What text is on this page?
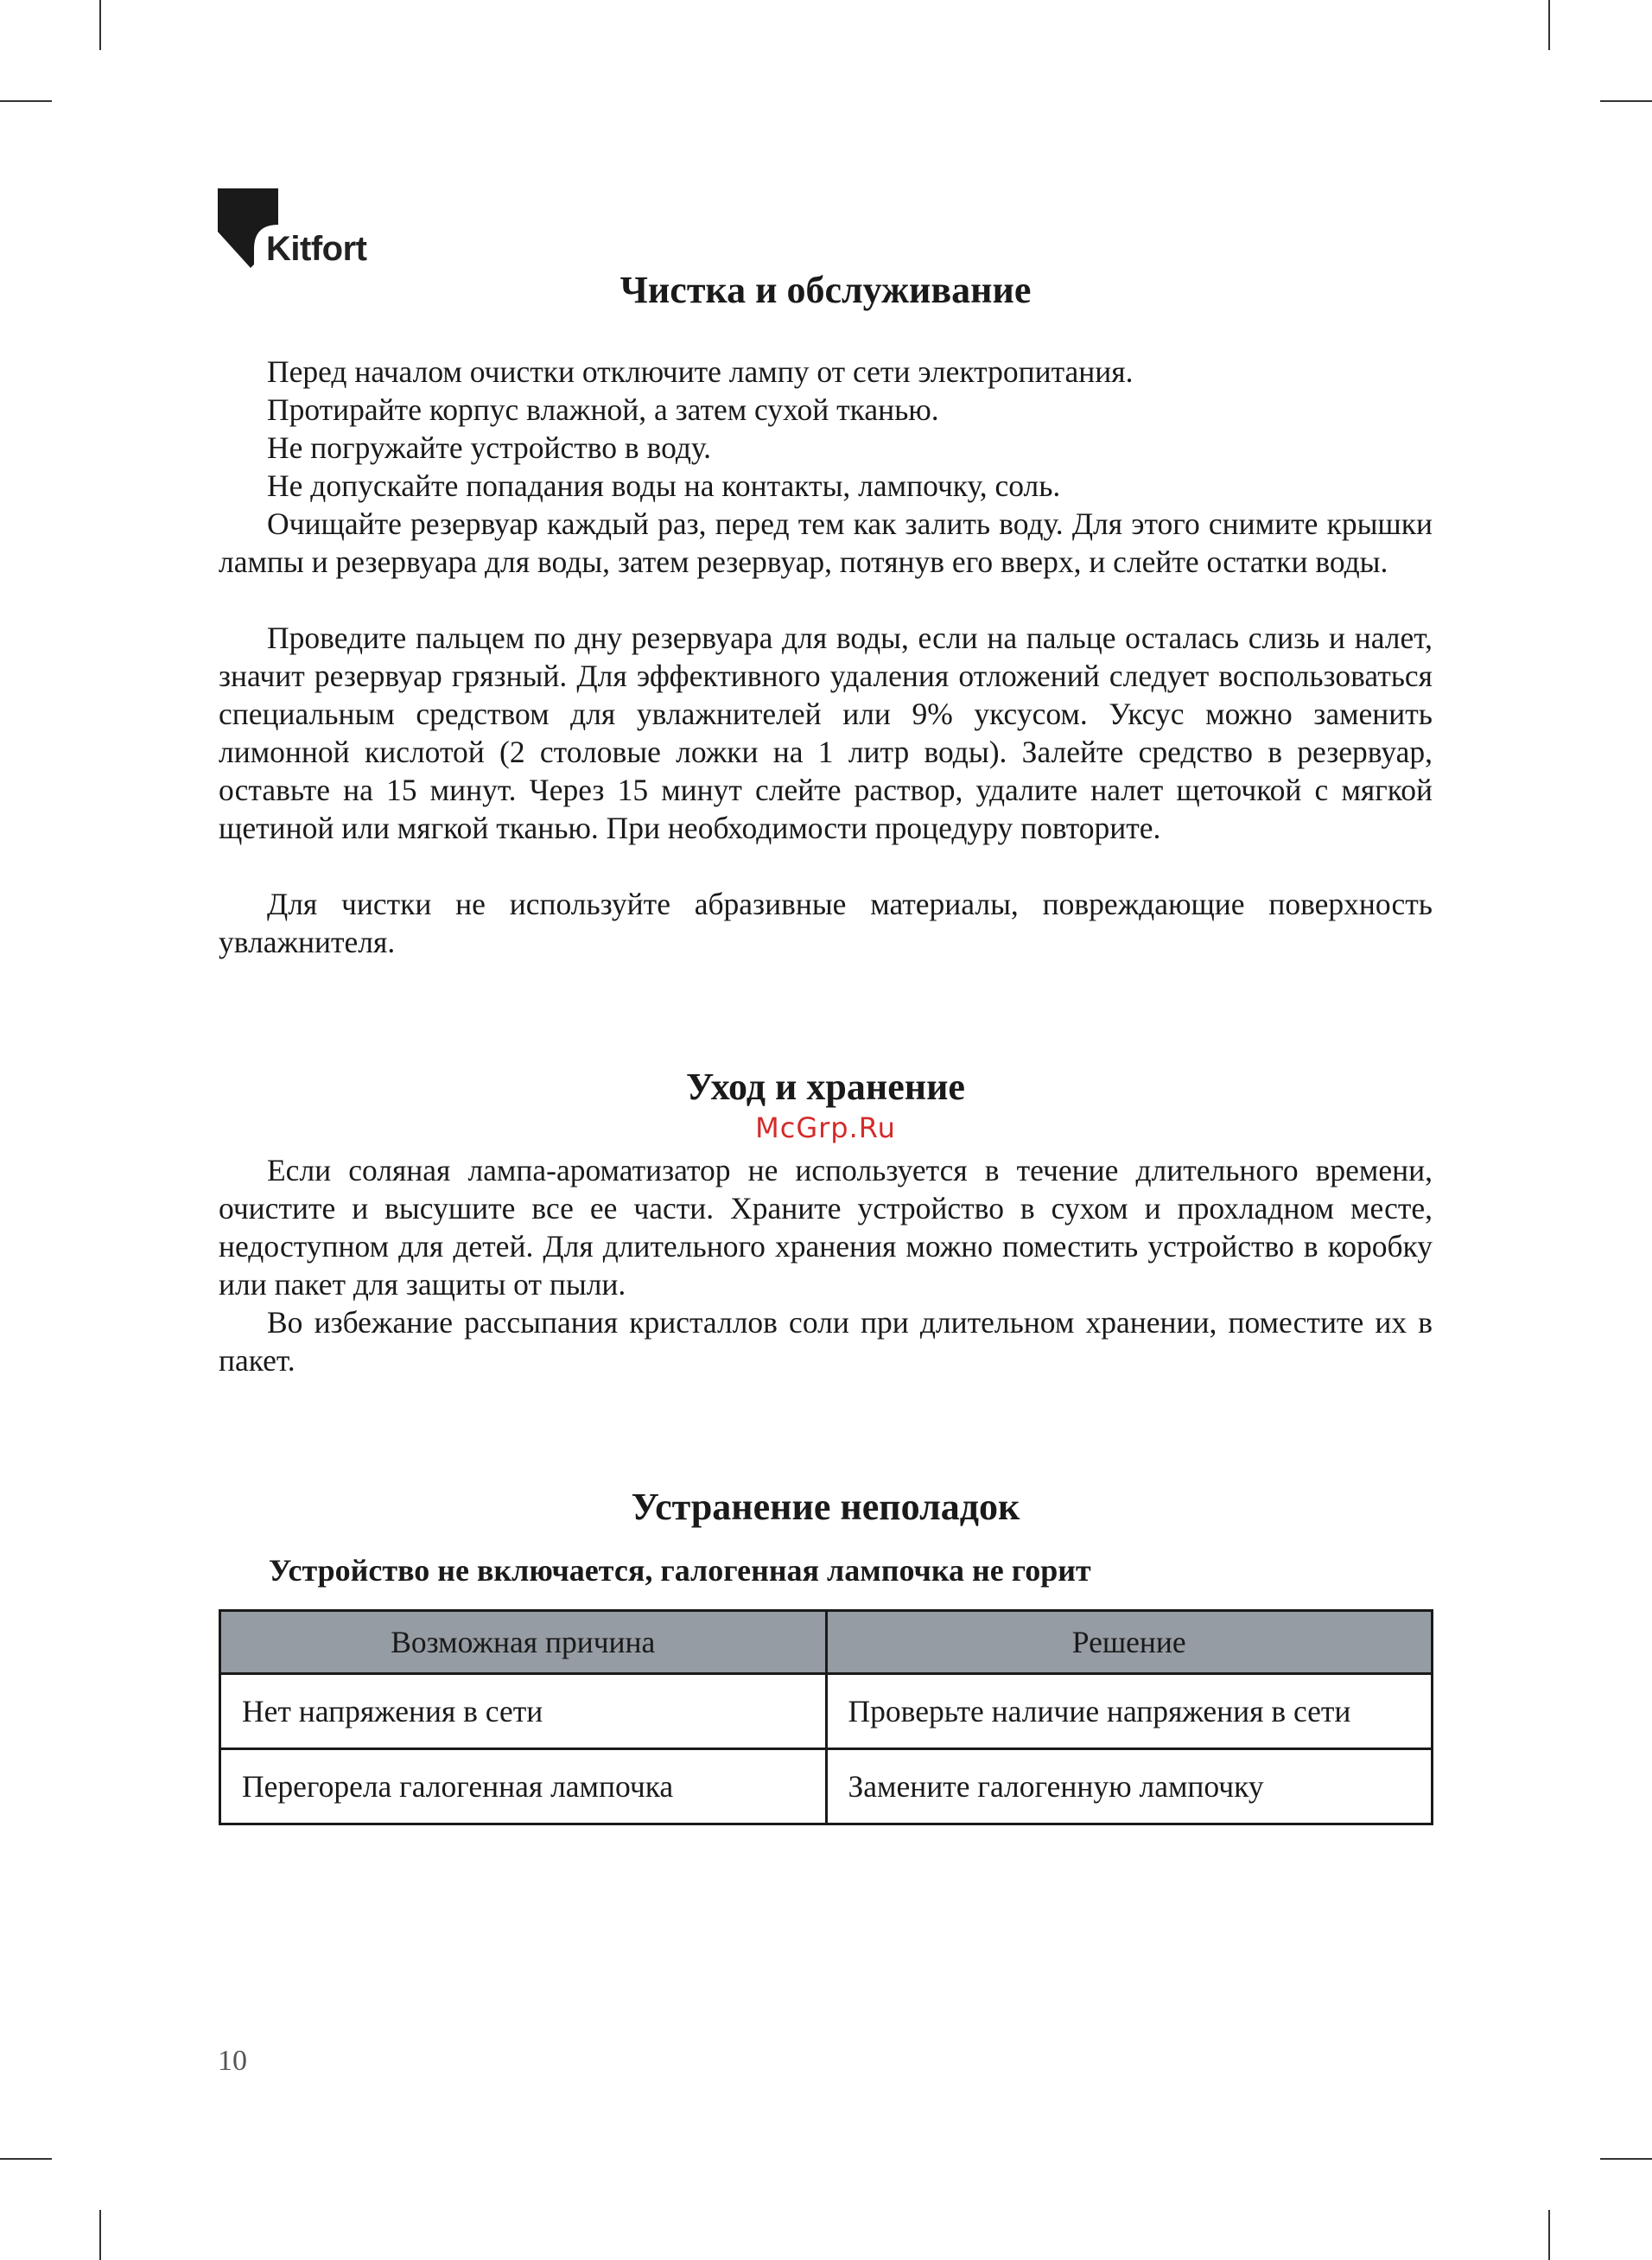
Kitfort
Чистка и обслуживание

Перед началом очистки отключите лампу от сети электропитания.

Протирайте корпус влажной, а затем сухой тканью.

Не погружайте устройство в воду.

Не допускайте попадания воды на контакты, лампочку, соль.

Очищайте резервуар каждый раз, перед тем как залить воду. Для этого снимите крышки лампы и резервуара для воды, затем резервуар, потянув его вверх, и слейте остатки воды.

Проведите пальцем по дну резервуара для воды, если на пальце осталась слизь и налет, значит резервуар грязный. Для эффективного удаления отложений следует воспользоваться специальным средством для увлажнителей или 9% уксусом. Уксус можно заменить лимонной кислотой (2 столовые ложки на 1 литр воды). Залейте средство в резервуар, оставьте на 15 минут. Через 15 минут слейте раствор, удалите налет щеточкой с мягкой щетиной или мягкой тканью. При необходимости процедуру повторите.

Для чистки не используйте абразивные материалы, повреждающие поверхность увлажнителя.

Уход и хранение
McGrp.Ru

Если соляная лампа-ароматизатор не используется в течение длительного времени, очистите и высушите все ее части. Храните устройство в сухом и прохладном месте, недоступном для детей. Для длительного хранения можно поместить устройство в коробку или пакет для защиты от пыли.

Во избежание рассыпания кристаллов соли при длительном хранении, поместите их в пакет.

Устранение неполадок
Устройство не включается, галогенная лампочка не горит
Возможная причина	Решение
Нет напряжения в сети	Проверьте наличие напряжения в сети
Перегорела галогенная лампочка	Замените галогенную лампочку
10
